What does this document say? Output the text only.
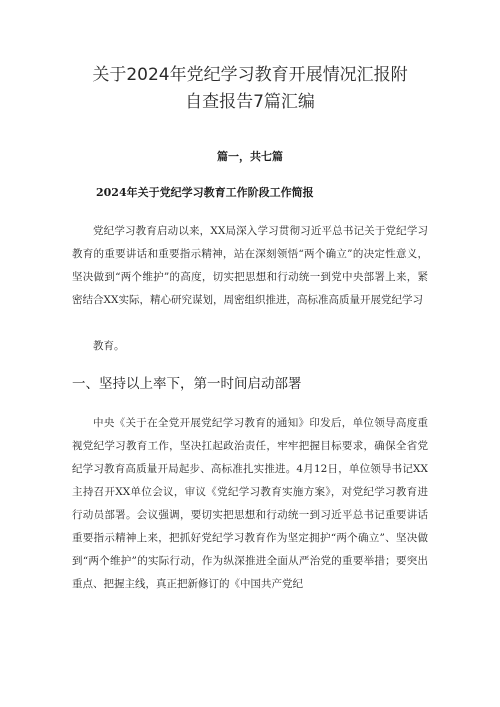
关于2024年党纪学习教育开展情况汇报附
自查报告7篇汇编
篇一，共七篇
2024年关于党纪学习教育工作阶段工作简报

党纪学习教育启动以来，XX局深入学习贯彻习近平总书记关于党纪学习教育的重要讲话和重要指示精神，站在深刻领悟“两个确立”的决定性意义，坚决做到“两个维护”的高度，切实把思想和行动统一到党中央部署上来，紧密结合XX实际，精心研究谋划，周密组织推进，高标准高质量开展党纪学习

教育。

一、坚持以上率下，第一时间启动部署

中央《关于在全党开展党纪学习教育的通知》印发后，单位领导高度重视党纪学习教育工作，坚决扛起政治责任，牢牢把握目标要求，确保全省党纪学习教育高质量开局起步、高标准扎实推进。4月12日，单位领导书记XX主持召开XX单位会议，审议《党纪学习教育实施方案》，对党纪学习教育进行动员部署。会议强调，要切实把思想和行动统一到习近平总书记重要讲话重要指示精神上来，把抓好党纪学习教育作为坚定拥护“两个确立”、坚决做到“两个维护”的实际行动，作为纵深推进全面从严治党的重要举措；要突出重点、把握主线，真正把新修订的《中国共产党纪
